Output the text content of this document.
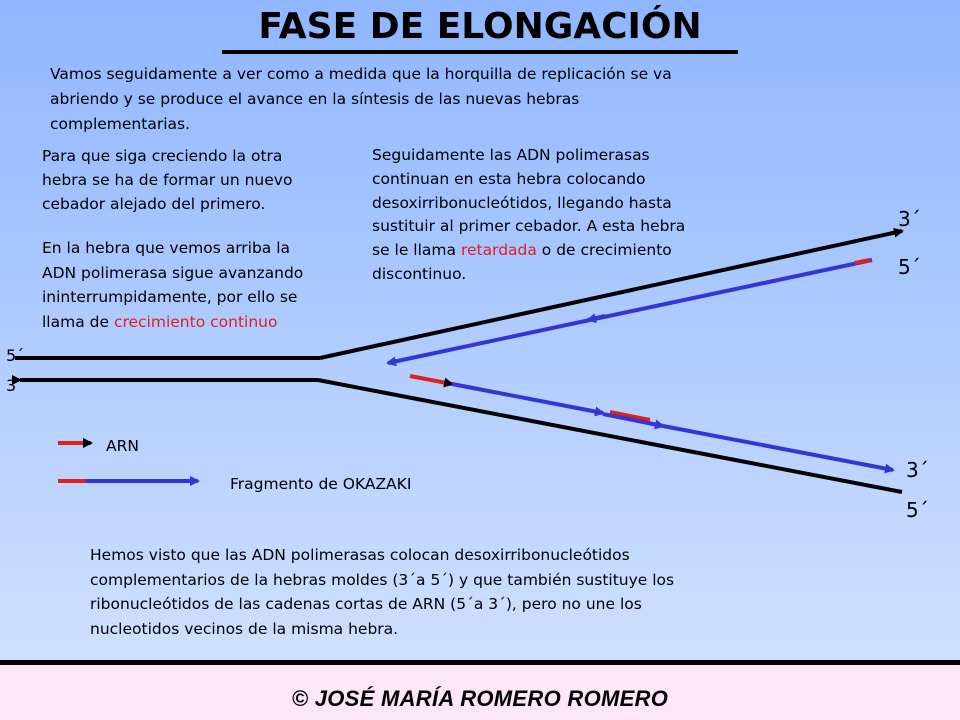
FASE DE ELONGACIÓN
Vamos seguidamente a ver como a medida que la horquilla de replicación se va
abriendo y se produce el avance en la síntesis de las nuevas hebras
complementarias.
Para que siga creciendo la otra
hebra se ha de formar un nuevo
cebador alejado del primero.
En la hebra que vemos arriba la
ADN polimerasa sigue avanzando
ininterrumpidamente, por ello se
llama de crecimiento continuo
Seguidamente las ADN polimerasas
continuan en esta hebra colocando
desoxirribonucleótidos, llegando hasta
sustituir al primer cebador. A esta hebra
se le llama retardada o de crecimiento
discontinuo.
5´
3´
3´
5´
3´
5´
ARN
Fragmento de OKAZAKI
Hemos visto que las ADN polimerasas colocan desoxirribonucleótidos
complementarios de la hebras moldes (3´a 5´) y que también sustituye los
ribonucleótidos de las cadenas cortas de ARN (5´a 3´), pero no une los
nucleotidos vecinos de la misma hebra.
© JOSÉ MARÍA ROMERO ROMERO
